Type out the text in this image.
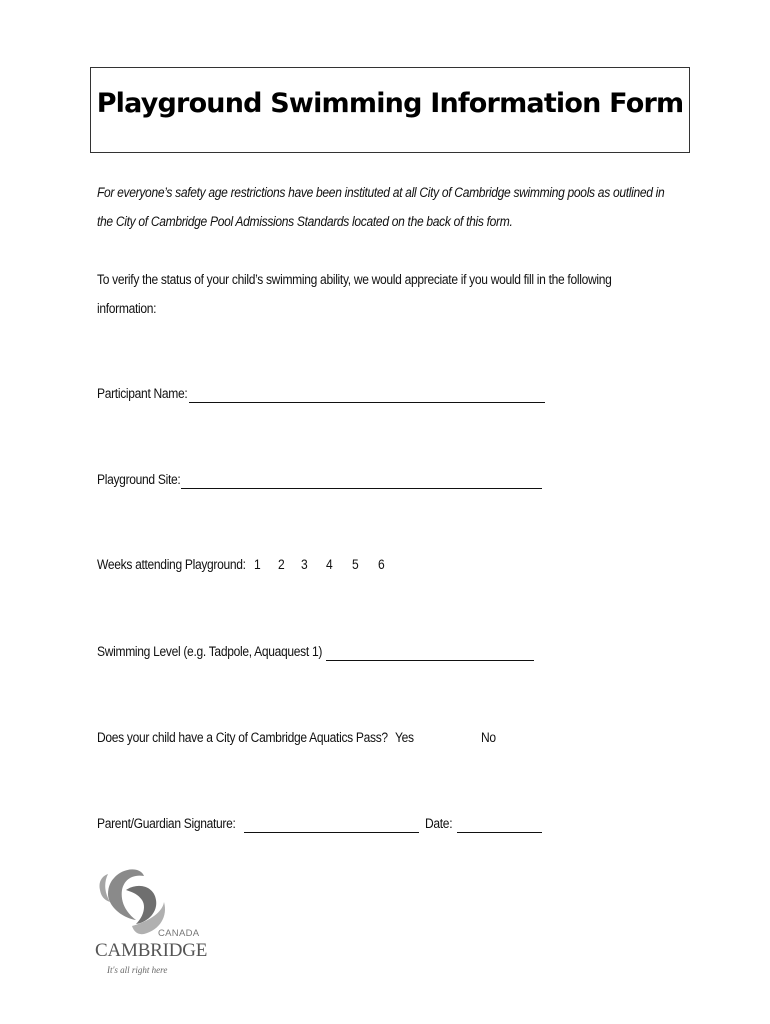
Playground Swimming Information Form
For everyone’s safety age restrictions have been instituted at all City of Cambridge swimming pools as outlined in
the City of Cambridge Pool Admissions Standards located on the back of this form.
To verify the status of your child’s swimming ability, we would appreciate if you would fill in the following
information:
Participant Name:
Playground Site:
Weeks attending Playground: 1 2 3 4 5 6
Swimming Level (e.g. Tadpole, Aquaquest 1)
Does your child have a City of Cambridge Aquatics Pass? Yes	No
Parent/Guardian Signature:	Date:
CANADA
CAMBRIDGE
It's all right here
